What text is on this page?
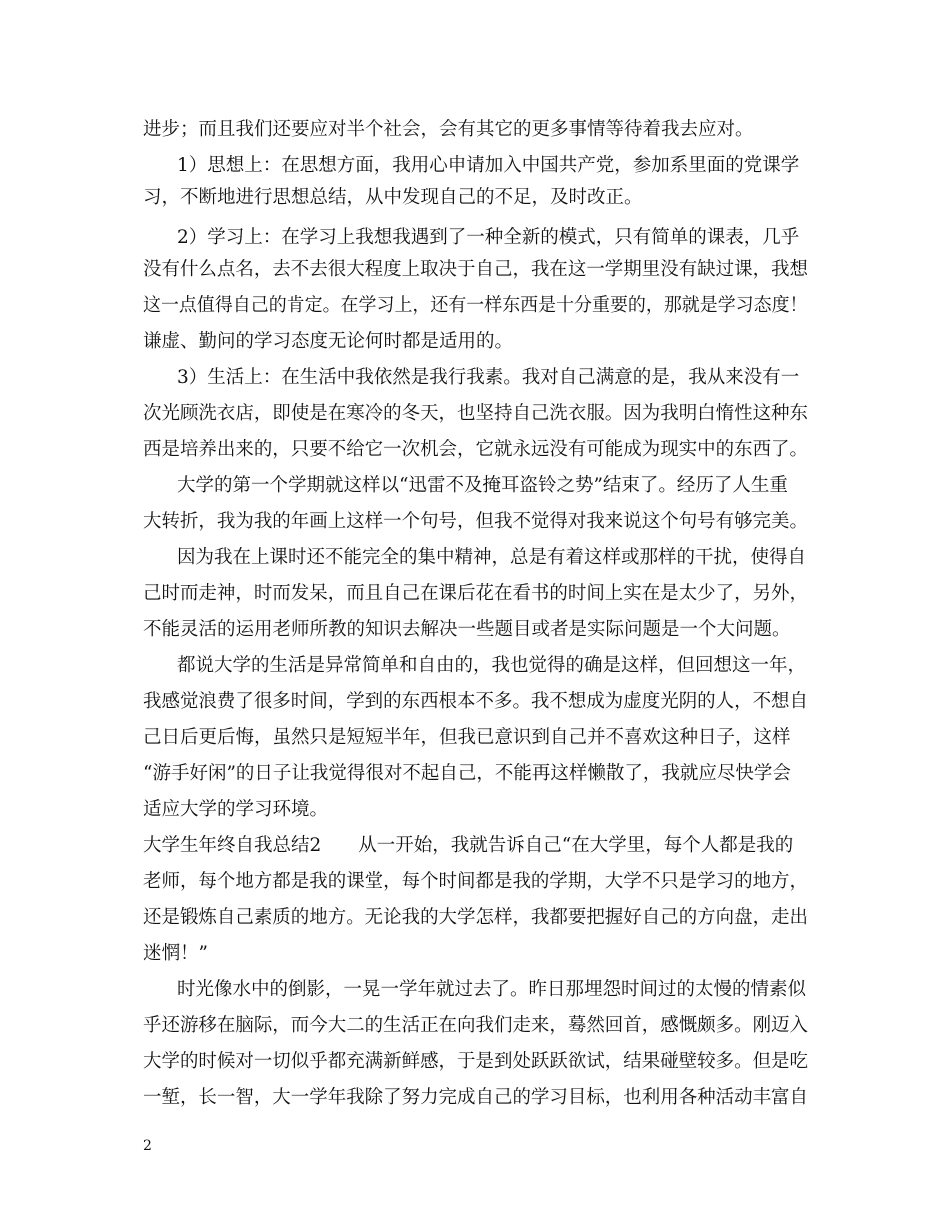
进步；而且我们还要应对半个社会，会有其它的更多事情等待着我去应对。
1）思想上：在思想方面，我用心申请加入中国共产党，参加系里面的党课学
习，不断地进行思想总结，从中发现自己的不足，及时改正。
2）学习上：在学习上我想我遇到了一种全新的模式，只有简单的课表，几乎
没有什么点名，去不去很大程度上取决于自己，我在这一学期里没有缺过课，我想
这一点值得自己的肯定。在学习上，还有一样东西是十分重要的，那就是学习态度！
谦虚、勤问的学习态度无论何时都是适用的。
3）生活上：在生活中我依然是我行我素。我对自己满意的是，我从来没有一
次光顾洗衣店，即使是在寒冷的冬天，也坚持自己洗衣服。因为我明白惰性这种东
西是培养出来的，只要不给它一次机会，它就永远没有可能成为现实中的东西了。
大学的第一个学期就这样以“迅雷不及掩耳盗铃之势”结束了。经历了人生重
大转折，我为我的年画上这样一个句号，但我不觉得对我来说这个句号有够完美。
因为我在上课时还不能完全的集中精神，总是有着这样或那样的干扰，使得自
己时而走神，时而发呆，而且自己在课后花在看书的时间上实在是太少了，另外，
不能灵活的运用老师所教的知识去解决一些题目或者是实际问题是一个大问题。
都说大学的生活是异常简单和自由的，我也觉得的确是这样，但回想这一年，
我感觉浪费了很多时间，学到的东西根本不多。我不想成为虚度光阴的人，不想自
己日后更后悔，虽然只是短短半年，但我已意识到自己并不喜欢这种日子，这样
“游手好闲”的日子让我觉得很对不起自己，不能再这样懒散了，我就应尽快学会
适应大学的学习环境。
大学生年终自我总结2　　从一开始，我就告诉自己“在大学里，每个人都是我的
老师，每个地方都是我的课堂，每个时间都是我的学期，大学不只是学习的地方，
还是锻炼自己素质的地方。无论我的大学怎样，我都要把握好自己的方向盘，走出
迷惘！”
时光像水中的倒影，一晃一学年就过去了。昨日那埋怨时间过的太慢的情素似
乎还游移在脑际，而今大二的生活正在向我们走来，蓦然回首，感慨颇多。刚迈入
大学的时候对一切似乎都充满新鲜感，于是到处跃跃欲试，结果碰壁较多。但是吃
一堑，长一智，大一学年我除了努力完成自己的学习目标，也利用各种活动丰富自
2
